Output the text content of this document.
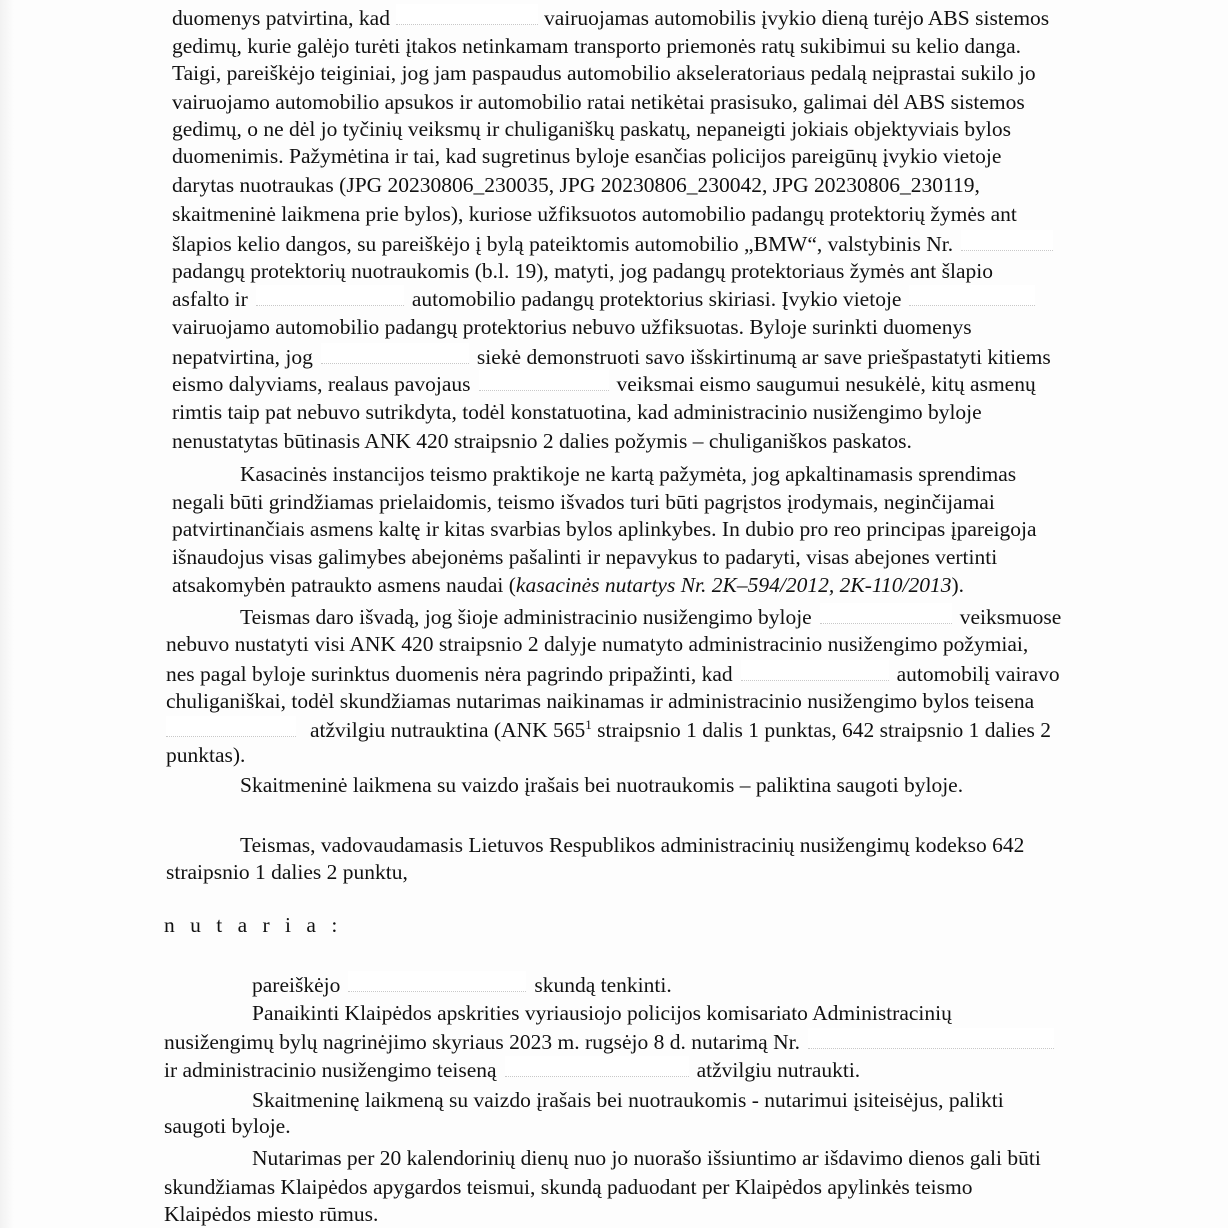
duomenys patvirtina, kad	vairuojamas automobilis įvykio dieną turėjo ABS sistemos
gedimų, kurie galėjo turėti įtakos netinkamam transporto priemonės ratų sukibimui su kelio danga.
Taigi, pareiškėjo teiginiai, jog jam paspaudus automobilio akseleratoriaus pedalą neįprastai sukilo jo
vairuojamo automobilio apsukos ir automobilio ratai netikėtai prasisuko, galimai dėl ABS sistemos
gedimų, o ne dėl jo tyčinių veiksmų ir chuliganiškų paskatų, nepaneigti jokiais objektyviais bylos
duomenimis. Pažymėtina ir tai, kad sugretinus byloje esančias policijos pareigūnų įvykio vietoje
darytas nuotraukas (JPG 20230806_230035, JPG 20230806_230042, JPG 20230806_230119,
skaitmeninė laikmena prie bylos), kuriose užfiksuotos automobilio padangų protektorių žymės ant
šlapios kelio dangos, su pareiškėjo į bylą pateiktomis automobilio „BMW“, valstybinis Nr.
padangų protektorių nuotraukomis (b.l. 19), matyti, jog padangų protektoriaus žymės ant šlapio
asfalto ir	automobilio padangų protektorius skiriasi. Įvykio vietoje
vairuojamo automobilio padangų protektorius nebuvo užfiksuotas. Byloje surinkti duomenys
nepatvirtina, jog	siekė demonstruoti savo išskirtinumą ar save priešpastatyti kitiems
eismo dalyviams, realaus pavojaus	veiksmai eismo saugumui nesukėlė, kitų asmenų
rimtis taip pat nebuvo sutrikdyta, todėl konstatuotina, kad administracinio nusižengimo byloje
nenustatytas būtinasis ANK 420 straipsnio 2 dalies požymis – chuliganiškos paskatos.
Kasacinės instancijos teismo praktikoje ne kartą pažymėta, jog apkaltinamasis sprendimas
negali būti grindžiamas prielaidomis, teismo išvados turi būti pagrįstos įrodymais, neginčijamai
patvirtinančiais asmens kaltę ir kitas svarbias bylos aplinkybes. In dubio pro reo principas įpareigoja
išnaudojus visas galimybes abejonėms pašalinti ir nepavykus to padaryti, visas abejones vertinti
atsakomybėn patraukto asmens naudai ( kasacinės nutartys Nr. 2K–594/2012, 2K-110/2013 ).
Teismas daro išvadą, jog šioje administracinio nusižengimo byloje	veiksmuose
nebuvo nustatyti visi ANK 420 straipsnio 2 dalyje numatyto administracinio nusižengimo požymiai,
nes pagal byloje surinktus duomenis nėra pagrindo pripažinti, kad	automobilį vairavo
chuliganiškai, todėl skundžiamas nutarimas naikinamas ir administracinio nusižengimo bylos teisena
atžvilgiu nutrauktina (ANK $565^1$ straipsnio 1 dalis 1 punktas, 642 straipsnio 1 dalies 2
punktas).
Skaitmeninė laikmena su vaizdo įrašais bei nuotraukomis – paliktina saugoti byloje.
Teismas, vadovaudamasis Lietuvos Respublikos administracinių nusižengimų kodekso 642
straipsnio 1 dalies 2 punktu,
n u t a r i a :
pareiškėjo	skundą tenkinti.
Panaikinti Klaipėdos apskrities vyriausiojo policijos komisariato Administracinių
nusižengimų bylų nagrinėjimo skyriaus 2023 m. rugsėjo 8 d. nutarimą Nr.
ir administracinio nusižengimo teiseną	atžvilgiu nutraukti.
Skaitmeninę laikmeną su vaizdo įrašais bei nuotraukomis - nutarimui įsiteisėjus, palikti
saugoti byloje.
Nutarimas per 20 kalendorinių dienų nuo jo nuorašo išsiuntimo ar išdavimo dienos gali būti
skundžiamas Klaipėdos apygardos teismui, skundą paduodant per Klaipėdos apylinkės teismo
Klaipėdos miesto rūmus.
